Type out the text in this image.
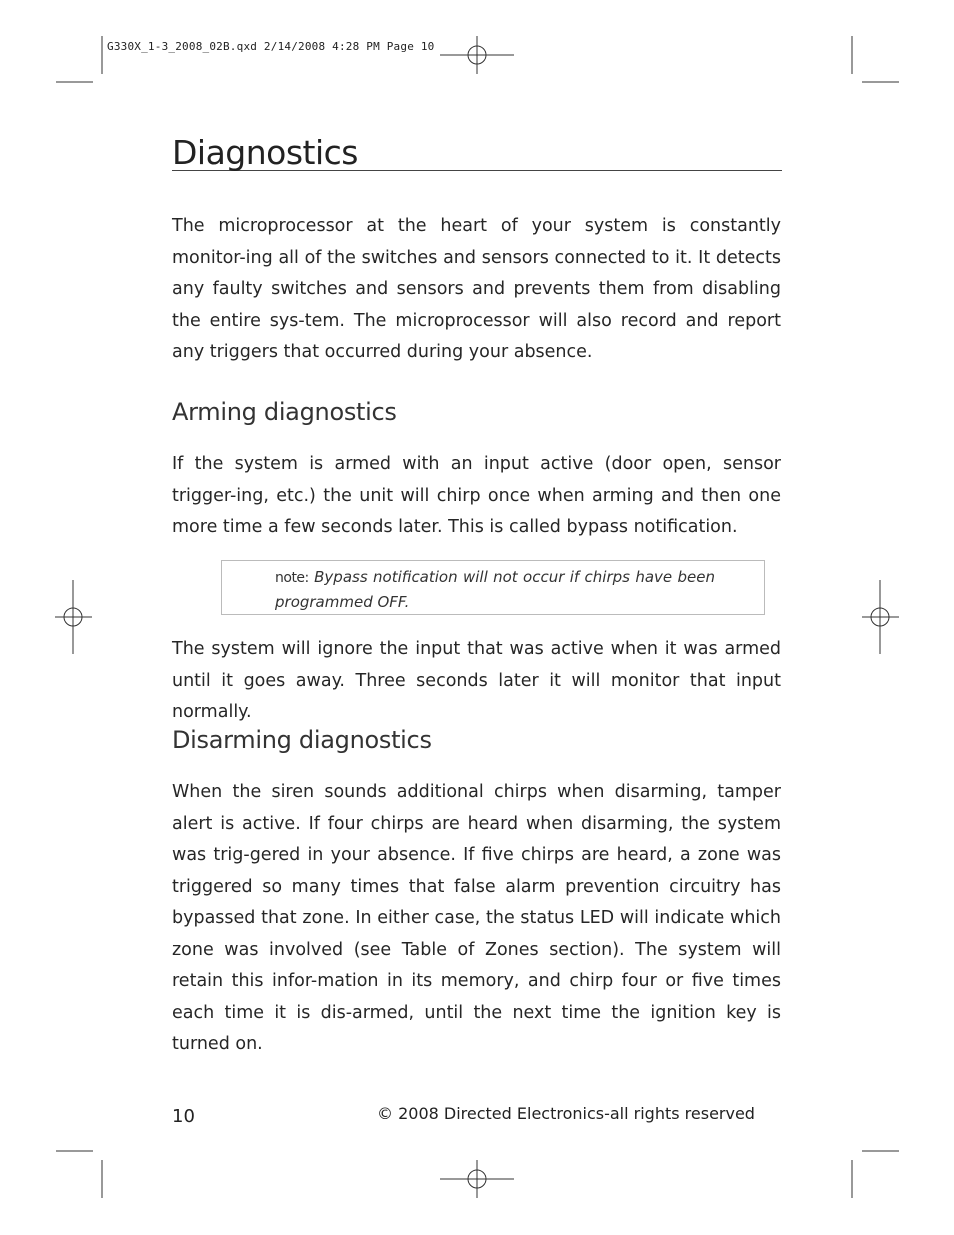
G330X_1-3_2008_02B.qxd 2/14/2008 4:28 PM Page 10
Diagnostics

The microprocessor at the heart of your system is constantly monitor-ing all of the switches and sensors connected to it. It detects any faulty switches and sensors and prevents them from disabling the entire sys-tem. The microprocessor will also record and report any triggers that occurred during your absence.

Arming diagnostics

If the system is armed with an input active (door open, sensor trigger-ing, etc.) the unit will chirp once when arming and then one more time a few seconds later. This is called bypass notification.

note: Bypass notification will not occur if chirps have been programmed OFF.

The system will ignore the input that was active when it was armed until it goes away. Three seconds later it will monitor that input normally.

Disarming diagnostics

When the siren sounds additional chirps when disarming, tamper alert is active. If four chirps are heard when disarming, the system was trig-gered in your absence. If five chirps are heard, a zone was triggered so many times that false alarm prevention circuitry has bypassed that zone. In either case, the status LED will indicate which zone was involved (see Table of Zones section). The system will retain this infor-mation in its memory, and chirp four or five times each time it is dis-armed, until the next time the ignition key is turned on.

10	© 2008 Directed Electronics-all rights reserved
